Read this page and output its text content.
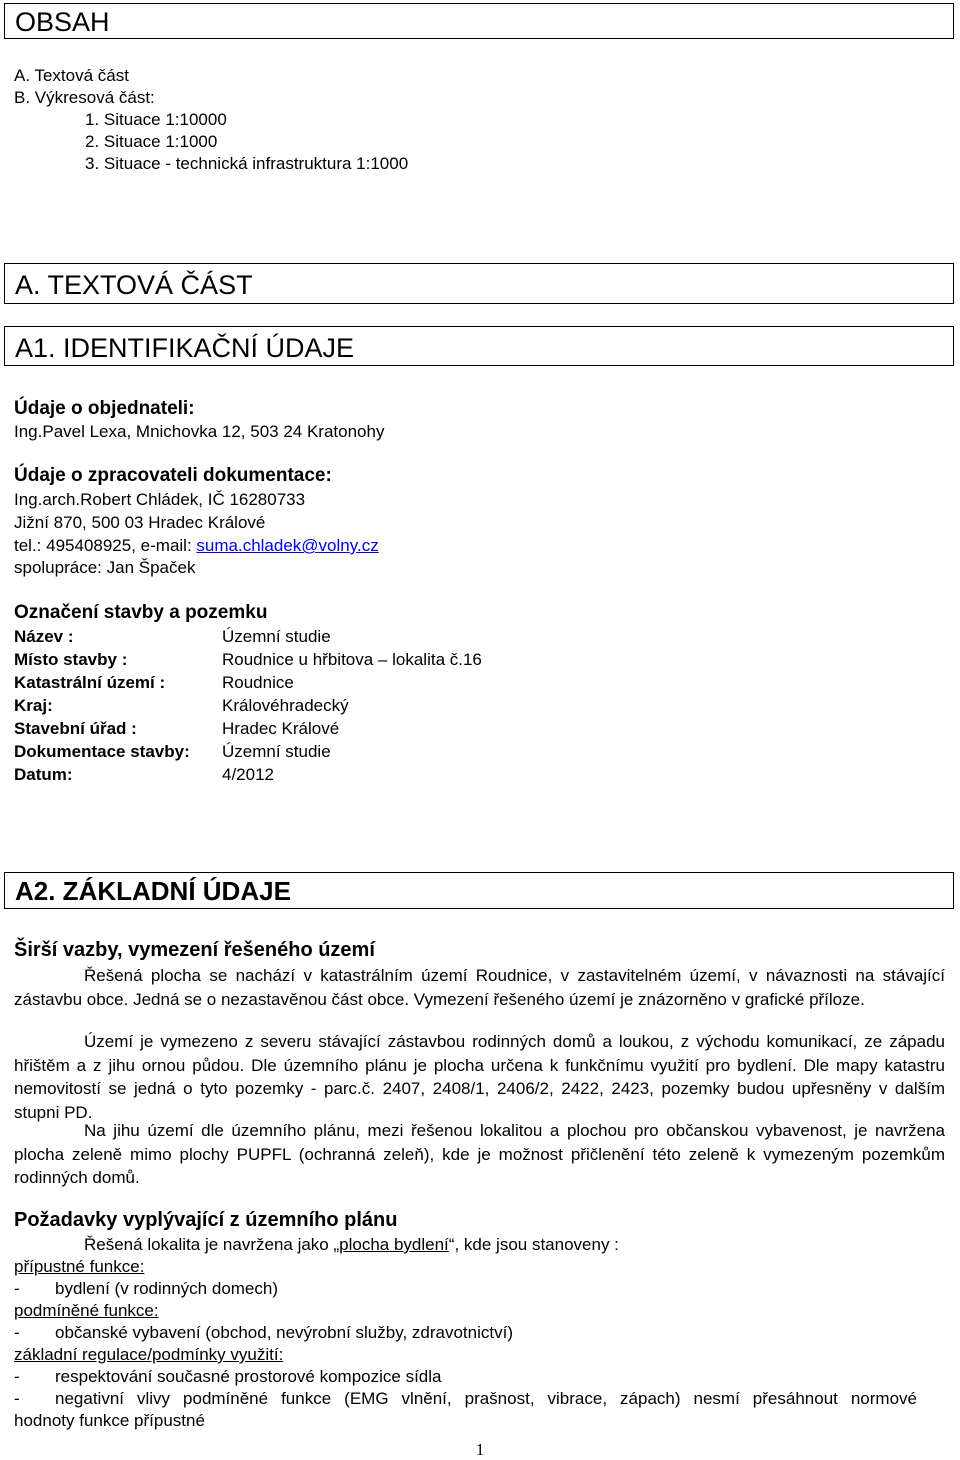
OBSAH
A. Textová část
B. Výkresová část:
1. Situace 1:10000
2. Situace 1:1000
3. Situace - technická infrastruktura 1:1000
A. TEXTOVÁ ČÁST
A1. IDENTIFIKAČNÍ ÚDAJE
Údaje o objednateli:
Ing.Pavel Lexa, Mnichovka 12, 503 24 Kratonohy
Údaje o zpracovateli dokumentace:
Ing.arch.Robert Chládek, IČ 16280733
Jižní 870, 500 03 Hradec Králové
tel.: 495408925, e-mail: suma.chladek@volny.cz
spolupráce: Jan Špaček
Označení stavby a pozemku
Název :	Územní studie
Místo stavby :	Roudnice u hřbitova – lokalita č.16
Katastrální území :	Roudnice
Kraj:	Královéhradecký
Stavební úřad :	Hradec Králové
Dokumentace stavby: Územní studie
Datum:	4/2012
A2. ZÁKLADNÍ ÚDAJE
Širší vazby, vymezení řešeného území
Řešená plocha se nachází v katastrálním území Roudnice, v zastavitelném území, v návaznosti na stávající zástavbu obce. Jedná se o nezastavěnou část obce. Vymezení řešeného území je znázorněno v grafické příloze.
Území je vymezeno z severu stávající zástavbou rodinných domů a loukou, z východu komunikací, ze západu hřištěm a z jihu ornou půdou. Dle územního plánu je plocha určena k funkčnímu využití pro bydlení. Dle mapy katastru nemovitostí se jedná o tyto pozemky - parc.č. 2407, 2408/1, 2406/2, 2422, 2423, pozemky budou upřesněny v dalším stupni PD.
Na jihu území dle územního plánu, mezi řešenou lokalitou a plochou pro občanskou vybavenost, je navržena plocha zeleně mimo plochy PUPFL (ochranná zeleň), kde je možnost přičlenění této zeleně k vymezeným pozemkům rodinných domů.
Požadavky vyplývající z územního plánu
Řešená lokalita je navržena jako „plocha bydlení“, kde jsou stanoveny :
přípustné funkce:
- bydlení (v rodinných domech)
podmíněné funkce:
- občanské vybavení (obchod, nevýrobní služby, zdravotnictví)
základní regulace/podmínky využití:
- respektování současné prostorové kompozice sídla
- negativní vlivy podmíněné funkce (EMG vlnění, prašnost, vibrace, zápach) nesmí přesáhnout normové
hodnoty funkce přípustné
1
